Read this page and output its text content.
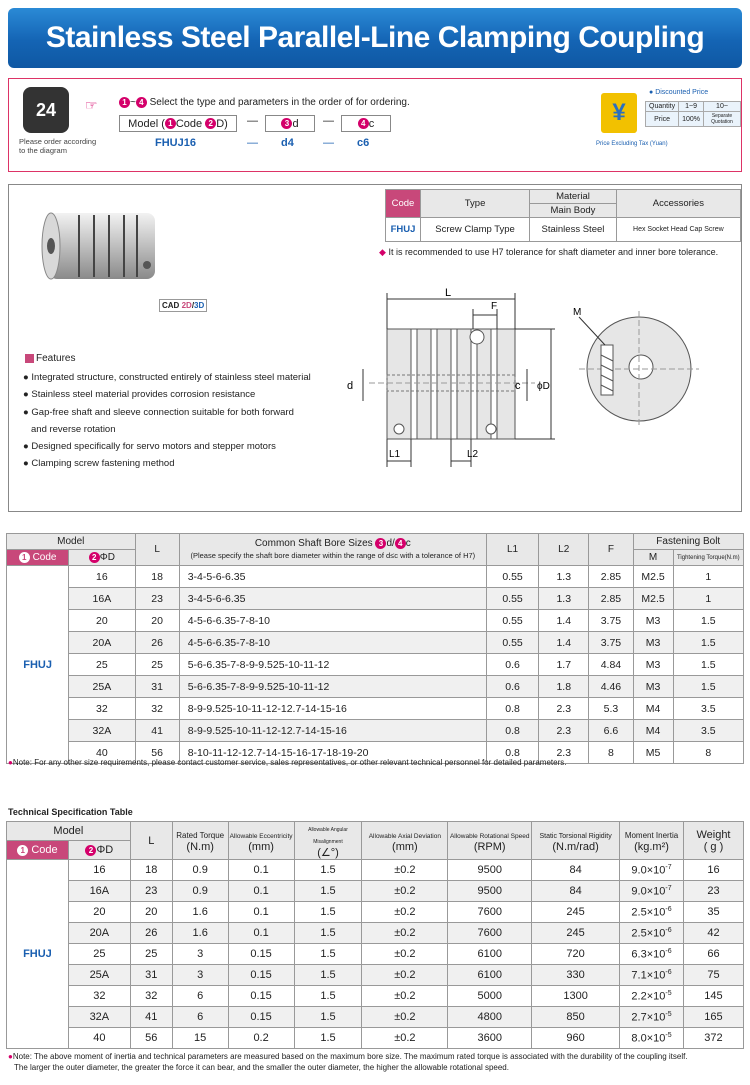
Stainless Steel Parallel-Line Clamping Coupling
24
Please order according
to the diagram
☞	1 ~ 4 Select the type and parameters in the order of for ordering.
Model ( 1 Code
2 D) —	3 d —	4 c
FHUJ16	— d4	— c6
¥
● Discounted Price
Quantity	1~9	10~
Price	100%	Separate Quotation
Price Excluding Tax (Yuan)
CAD 2D/3D
Features
● Integrated structure, constructed entirely of stainless steel material
● Stainless steel material provides corrosion resistance
● Gap-free shaft and sleeve connection suitable for both forward
and reverse rotation
● Designed specifically for servo motors and stepper motors
● Clamping screw fastening method
Code	Type	Material	Accessories
		Main Body	
FHUJ	Screw Clamp Type	Stainless Steel	Hex Socket Head Cap Screw
◆ It is recommended to use H7 tolerance for shaft diameter and inner bore tolerance.
L
F
d	c ϕD
L1	L2
M
Model		L	Common Shaft Bore Sizes 3 d/ 4 c
(Please specify the shaft bore diameter within the range of d≤c with a tolerance of H7)	L1	L2	F	Fastening Bolt	
1 Code	2 ΦD						M	Tightening Torque(N.m)
FHUJ	16	18	3-4-5-6-6.35	0.55	1.3	2.85	M2.5	1
	16A	23	3-4-5-6-6.35	0.55	1.3	2.85	M2.5	1
	20	20	4-5-6-6.35-7-8-10	0.55	1.4	3.75	M3	1.5
	20A	26	4-5-6-6.35-7-8-10	0.55	1.4	3.75	M3	1.5
	25	25	5-6-6.35-7-8-9-9.525-10-11-12	0.6	1.7	4.84	M3	1.5
	25A	31	5-6-6.35-7-8-9-9.525-10-11-12	0.6	1.8	4.46	M3	1.5
	32	32	8-9-9.525-10-11-12-12.7-14-15-16	0.8	2.3	5.3	M4	3.5
	32A	41	8-9-9.525-10-11-12-12.7-14-15-16	0.8	2.3	6.6	M4	3.5
	40	56	8-10-11-12-12.7-14-15-16-17-18-19-20	0.8	2.3	8	M5	8
●Note: For any other size requirements, please contact customer service, sales representatives, or other relevant technical personnel for detailed parameters.
Technical Specification Table
Model		L	Rated Torque
(N.m)	Allowable Eccentricity
(mm)	Allowable Angular Misalignment
(∠°)	Allowable Axial Deviation
(mm)	Allowable Rotational Speed
(RPM)	Static Torsional Rigidity
(N.m/rad)	Moment Inertia
(kg.m²)	Weight
( g )
1 Code	2 ΦD									
FHUJ	16	18	0.9	0.1	1.5	±0.2	9500	84	$9.0\times 10^{-7}$	16
	16A	23	0.9	0.1	1.5	±0.2	9500	84	$9.0\times 10^{-7}$	23
	20	20	1.6	0.1	1.5	±0.2	7600	245	$2.5\times 10^{-6}$	35
	20A	26	1.6	0.1	1.5	±0.2	7600	245	$2.5\times 10^{-6}$	42
	25	25	3	0.15	1.5	±0.2	6100	720	$6.3\times 10^{-6}$	66
	25A	31	3	0.15	1.5	±0.2	6100	330	$7.1\times 10^{-6}$	75
	32	32	6	0.15	1.5	±0.2	5000	1300	$2.2\times 10^{-5}$	145
	32A	41	6	0.15	1.5	±0.2	4800	850	$2.7\times 10^{-5}$	165
	40	56	15	0.2	1.5	±0.2	3600	960	$8.0\times 10^{-5}$	372
●Note: The above moment of inertia and technical parameters are measured based on the maximum bore size. The maximum rated torque is associated with the durability of the coupling itself.
The larger the outer diameter, the greater the force it can bear, and the smaller the outer diameter, the higher the allowable rotational speed.
